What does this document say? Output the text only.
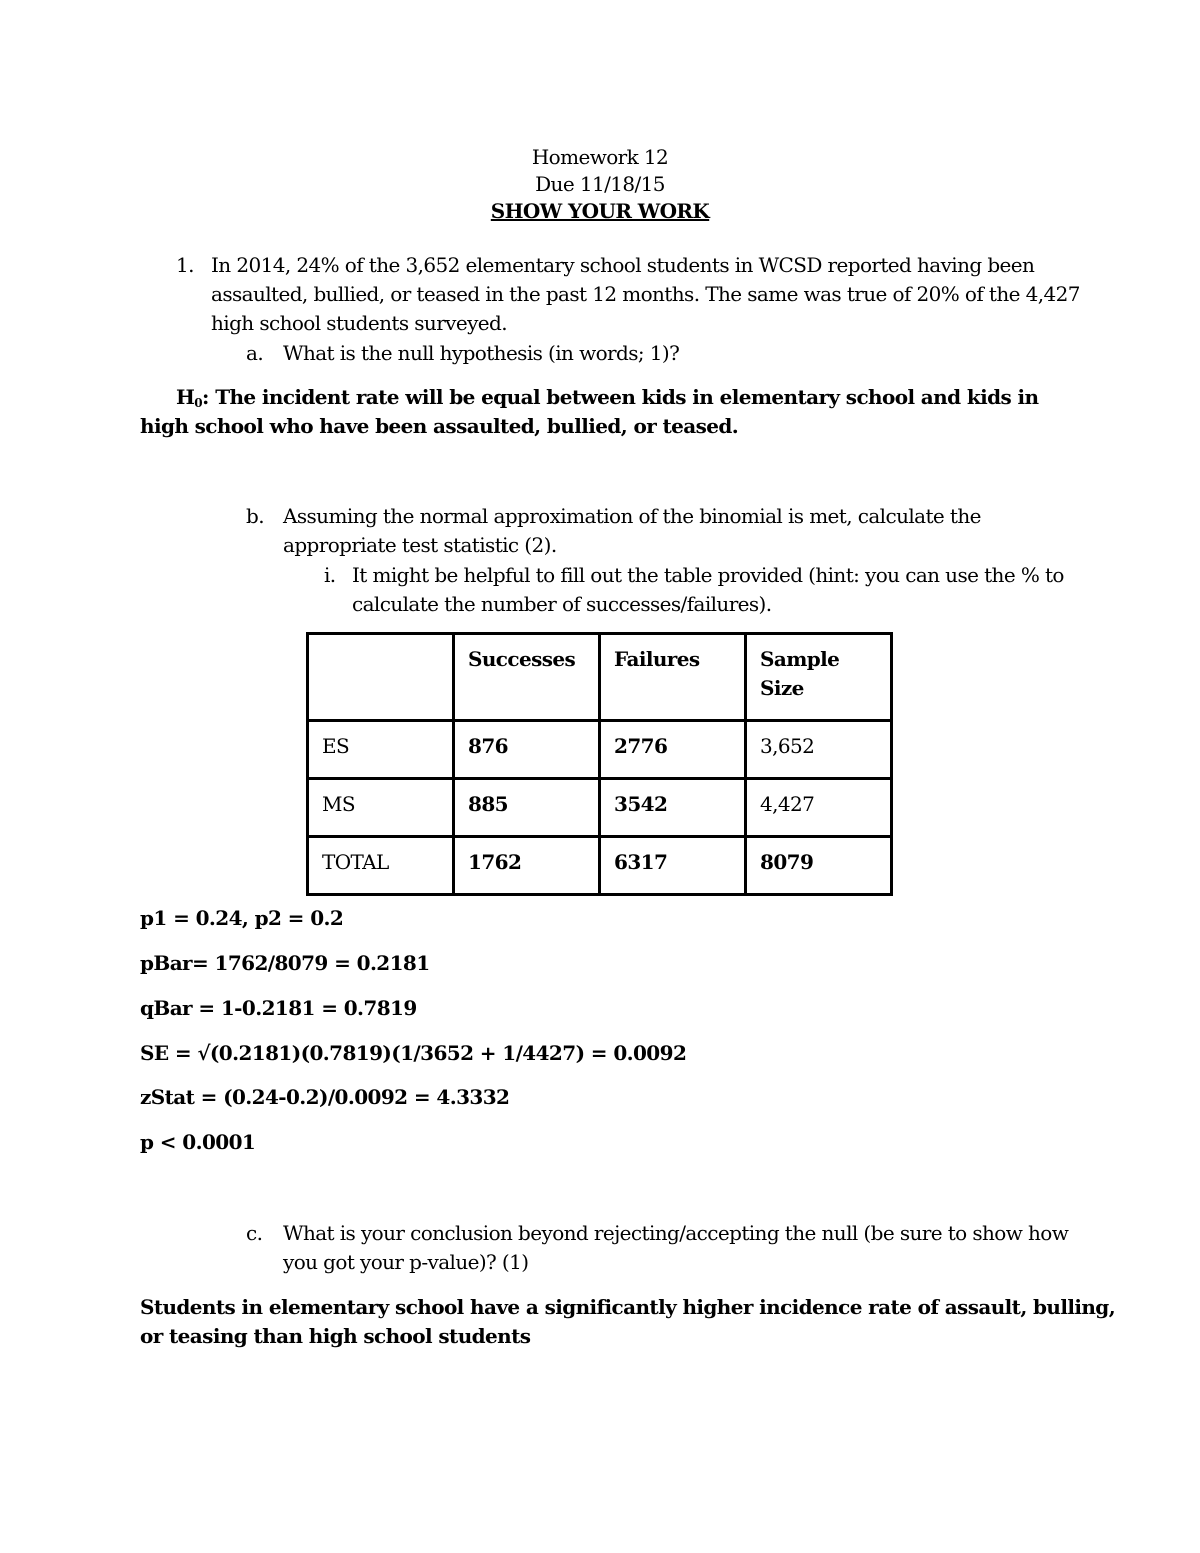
Homework 12
Due 11/18/15
SHOW YOUR WORK
1. In 2014, 24% of the 3,652 elementary school students in WCSD reported having been
assaulted, bullied, or teased in the past 12 months. The same was true of 20% of the 4,427
high school students surveyed.
a. What is the null hypothesis (in words; 1)?
$H_0$: The incident rate will be equal between kids in elementary school and kids in
high school who have been assaulted, bullied, or teased.
b. Assuming the normal approximation of the binomial is met, calculate the
appropriate test statistic (2).
i. It might be helpful to fill out the table provided (hint: you can use the % to
calculate the number of successes/failures).
	Successes	Failures	Sample Size
ES	876	2776	3,652
MS	885	3542	4,427
TOTAL	1762	6317	8079
p1 = 0.24, p2 = 0.2
pBar= 1762/8079 = 0.2181
qBar = 1-0.2181 = 0.7819
SE = √(0.2181)(0.7819)(1/3652 + 1/4427) = 0.0092
zStat = (0.24-0.2)/0.0092 = 4.3332
p < 0.0001
c. What is your conclusion beyond rejecting/accepting the null (be sure to show how
you got your p-value)? (1)
Students in elementary school have a significantly higher incidence rate of assault, bulling,
or teasing than high school students
